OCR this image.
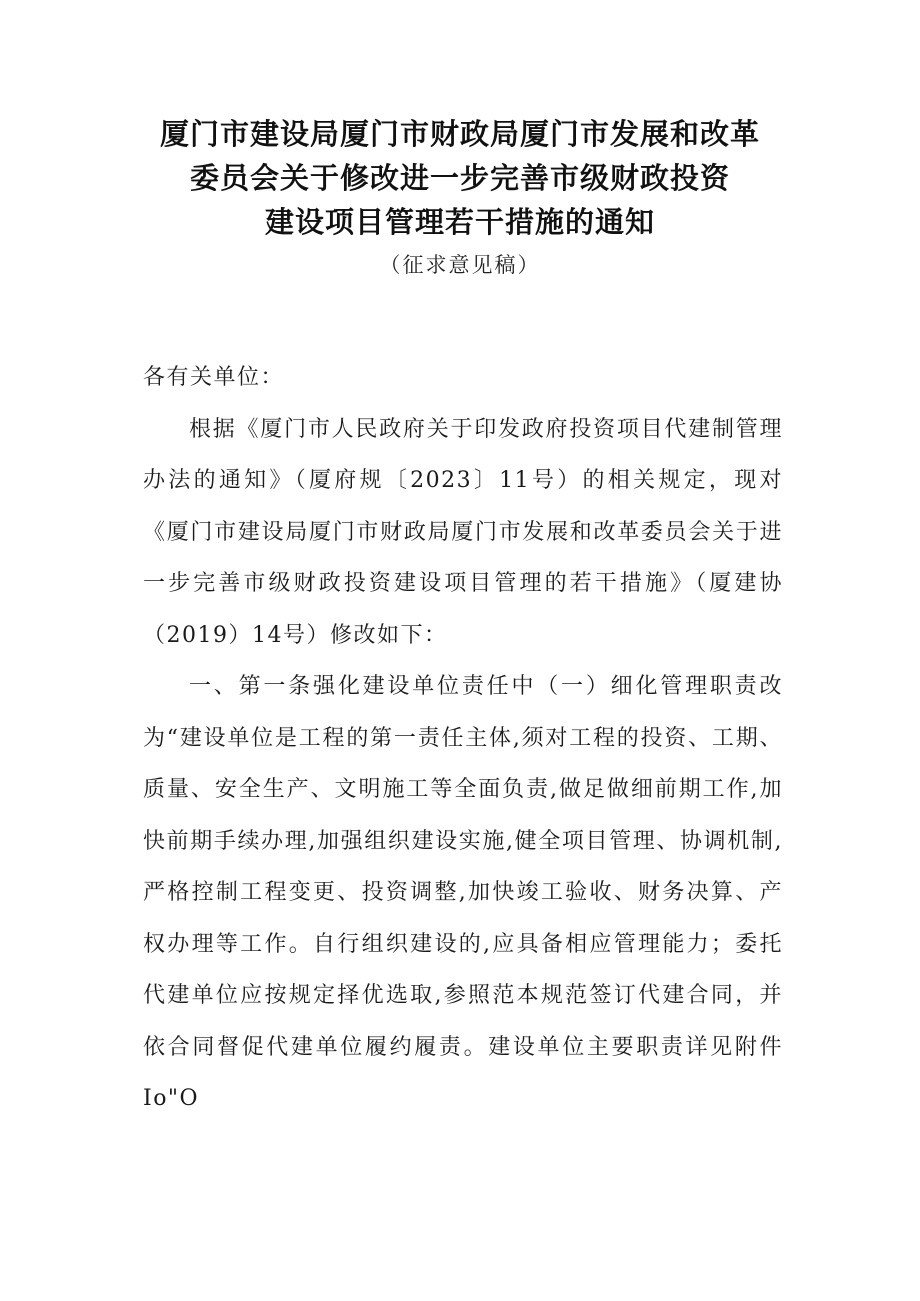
厦门市建设局厦门市财政局厦门市发展和改革
委员会关于修改进一步完善市级财政投资
建设项目管理若干措施的通知
（征求意见稿）

各有关单位：

根据《厦门市人民政府关于印发政府投资项目代建制管理办法的通知》（厦府规〔2023〕11号）的相关规定，现对《厦门市建设局厦门市财政局厦门市发展和改革委员会关于进一步完善市级财政投资建设项目管理的若干措施》（厦建协（2019）14号）修改如下：

一、第一条强化建设单位责任中（一）细化管理职责改为“建设单位是工程的第一责任主体,须对工程的投资、工期、质量、安全生产、文明施工等全面负责,做足做细前期工作,加快前期手续办理,加强组织建设实施,健全项目管理、协调机制,严格控制工程变更、投资调整,加快竣工验收、财务决算、产权办理等工作。自行组织建设的,应具备相应管理能力；委托代建单位应按规定择优选取,参照范本规范签订代建合同，并依合同督促代建单位履约履责。建设单位主要职责详见附件Io"O
